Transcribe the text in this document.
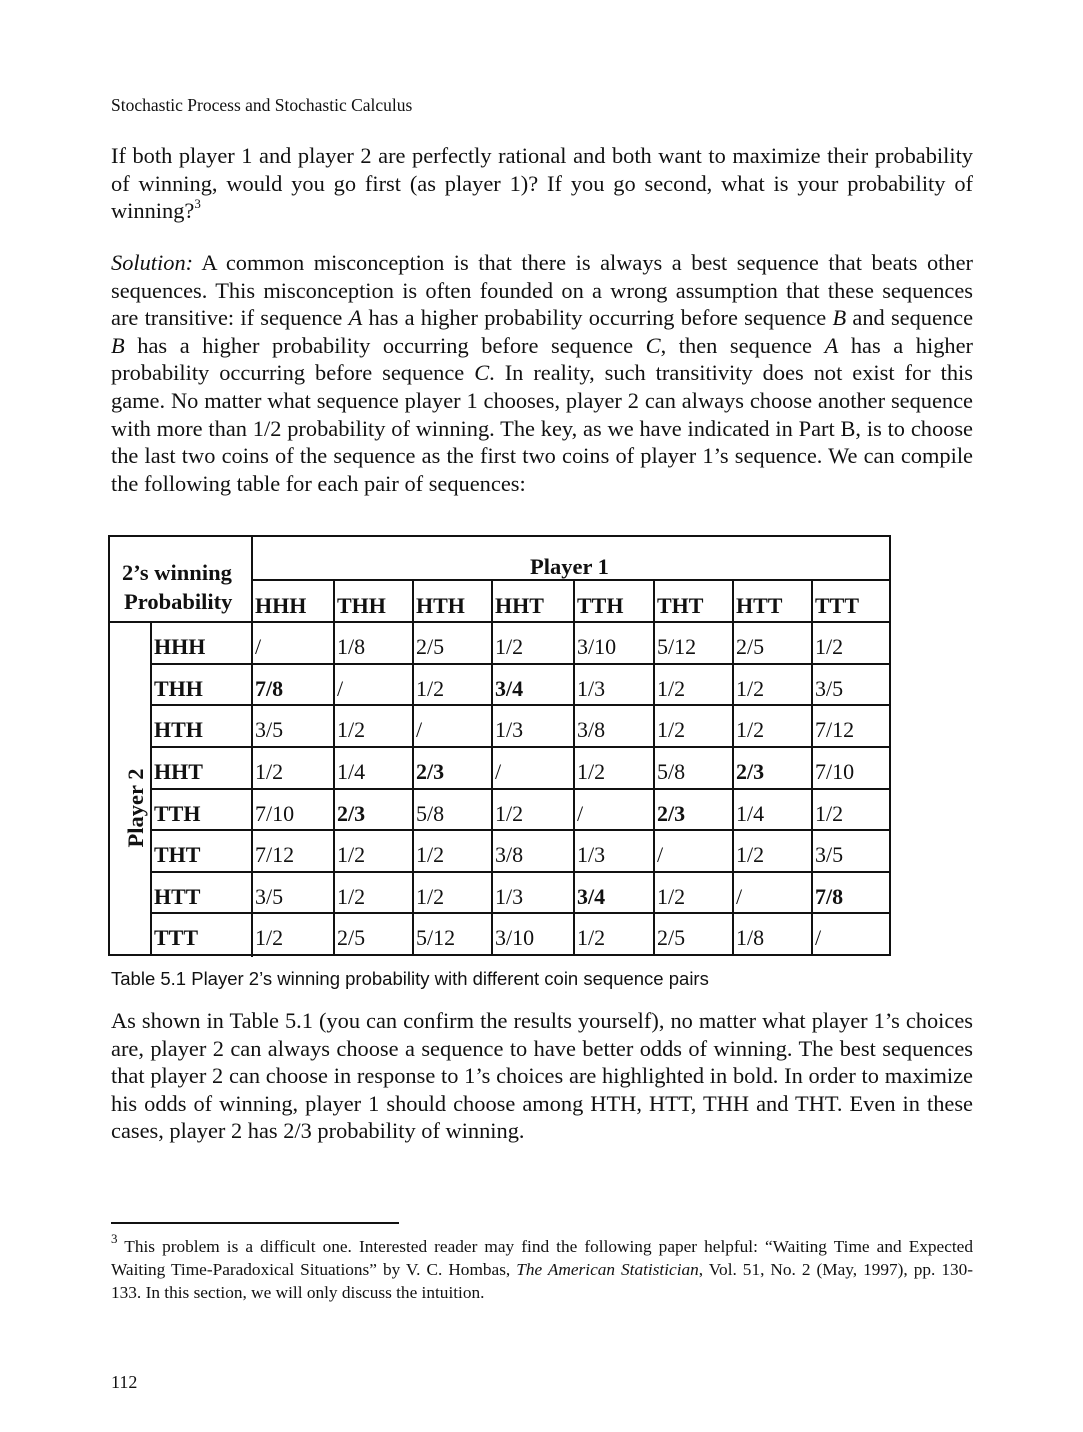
Stochastic Process and Stochastic Calculus

If both player 1 and player 2 are perfectly rational and both want to maximize their probability of winning, would you go first (as player 1)? If you go second, what is your probability of winning?$^3$

Solution: A common misconception is that there is always a best sequence that beats other sequences. This misconception is often founded on a wrong assumption that these sequences are transitive: if sequence A has a higher probability occurring before sequence B and sequence B has a higher probability occurring before sequence C, then sequence A has a higher probability occurring before sequence C. In reality, such transitivity does not exist for this game. No matter what sequence player 1 chooses, player 2 can always choose another sequence with more than 1/2 probability of winning. The key, as we have indicated in Part B, is to choose the last two coins of the sequence as the first two coins of player 1’s sequence. We can compile the following table for each pair of sequences:

2’s winning
Probability
Player 1
Player 2
HHH THH HTH HHT TTH THT HTT TTT
HHH /	1/8 2/5 1/2 3/10 5/12 2/5 1/2
THH 7/8 /	1/2 3/4 1/3 1/2 1/2 3/5
HTH 3/5 1/2 /	1/3 3/8 1/2 1/2 7/12
HHT 1/2 1/4 2/3 /	1/2 5/8 2/3 7/10
TTH 7/10 2/3 5/8 1/2 /	2/3 1/4 1/2
THT 7/12 1/2 1/2 3/8 1/3 /	1/2 3/5
HTT 3/5 1/2 1/2 1/3 3/4 1/2 /	7/8
TTT	1/2 2/5 5/12 3/10 1/2 2/5 1/8 /
Table 5.1 Player 2’s winning probability with different coin sequence pairs

As shown in Table 5.1 (you can confirm the results yourself), no matter what player 1’s choices are, player 2 can always choose a sequence to have better odds of winning. The best sequences that player 2 can choose in response to 1’s choices are highlighted in bold. In order to maximize his odds of winning, player 1 should choose among HTH, HTT, THH and THT. Even in these cases, player 2 has 2/3 probability of winning.

$^3$ This problem is a difficult one. Interested reader may find the following paper helpful: “Waiting Time and Expected Waiting Time-Paradoxical Situations” by V. C. Hombas, The American Statistician, Vol. 51, No. 2 (May, 1997), pp. 130-133. In this section, we will only discuss the intuition.

112
